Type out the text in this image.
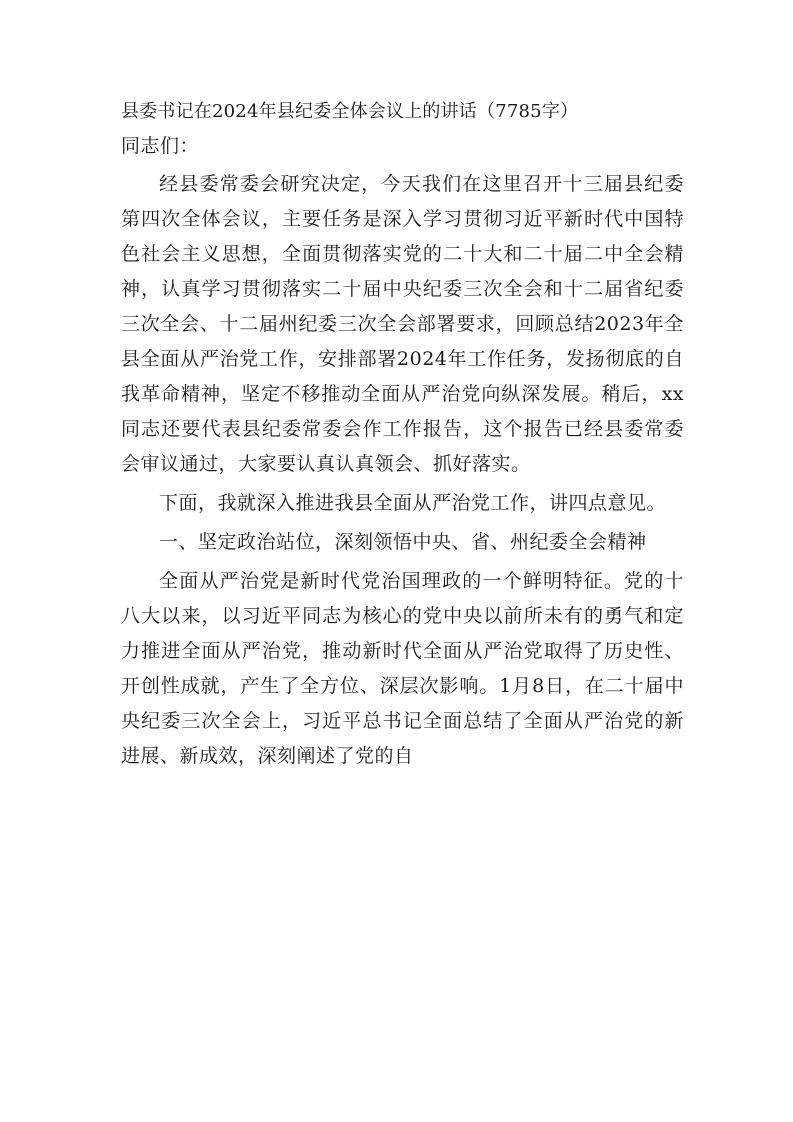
县委书记在2024年县纪委全体会议上的讲话（7785字）

同志们：

经县委常委会研究决定，今天我们在这里召开十三届县纪委第四次全体会议，主要任务是深入学习贯彻习近平新时代中国特色社会主义思想，全面贯彻落实党的二十大和二十届二中全会精神，认真学习贯彻落实二十届中央纪委三次全会和十二届省纪委三次全会、十二届州纪委三次全会部署要求，回顾总结2023年全县全面从严治党工作，安排部署2024年工作任务，发扬彻底的自我革命精神，坚定不移推动全面从严治党向纵深发展。稍后，xx同志还要代表县纪委常委会作工作报告，这个报告已经县委常委会审议通过，大家要认真认真领会、抓好落实。

下面，我就深入推进我县全面从严治党工作，讲四点意见。

一、坚定政治站位，深刻领悟中央、省、州纪委全会精神

全面从严治党是新时代党治国理政的一个鲜明特征。党的十八大以来，以习近平同志为核心的党中央以前所未有的勇气和定力推进全面从严治党，推动新时代全面从严治党取得了历史性、开创性成就，产生了全方位、深层次影响。1月8日，在二十届中央纪委三次全会上，习近平总书记全面总结了全面从严治党的新进展、新成效，深刻阐述了党的自
